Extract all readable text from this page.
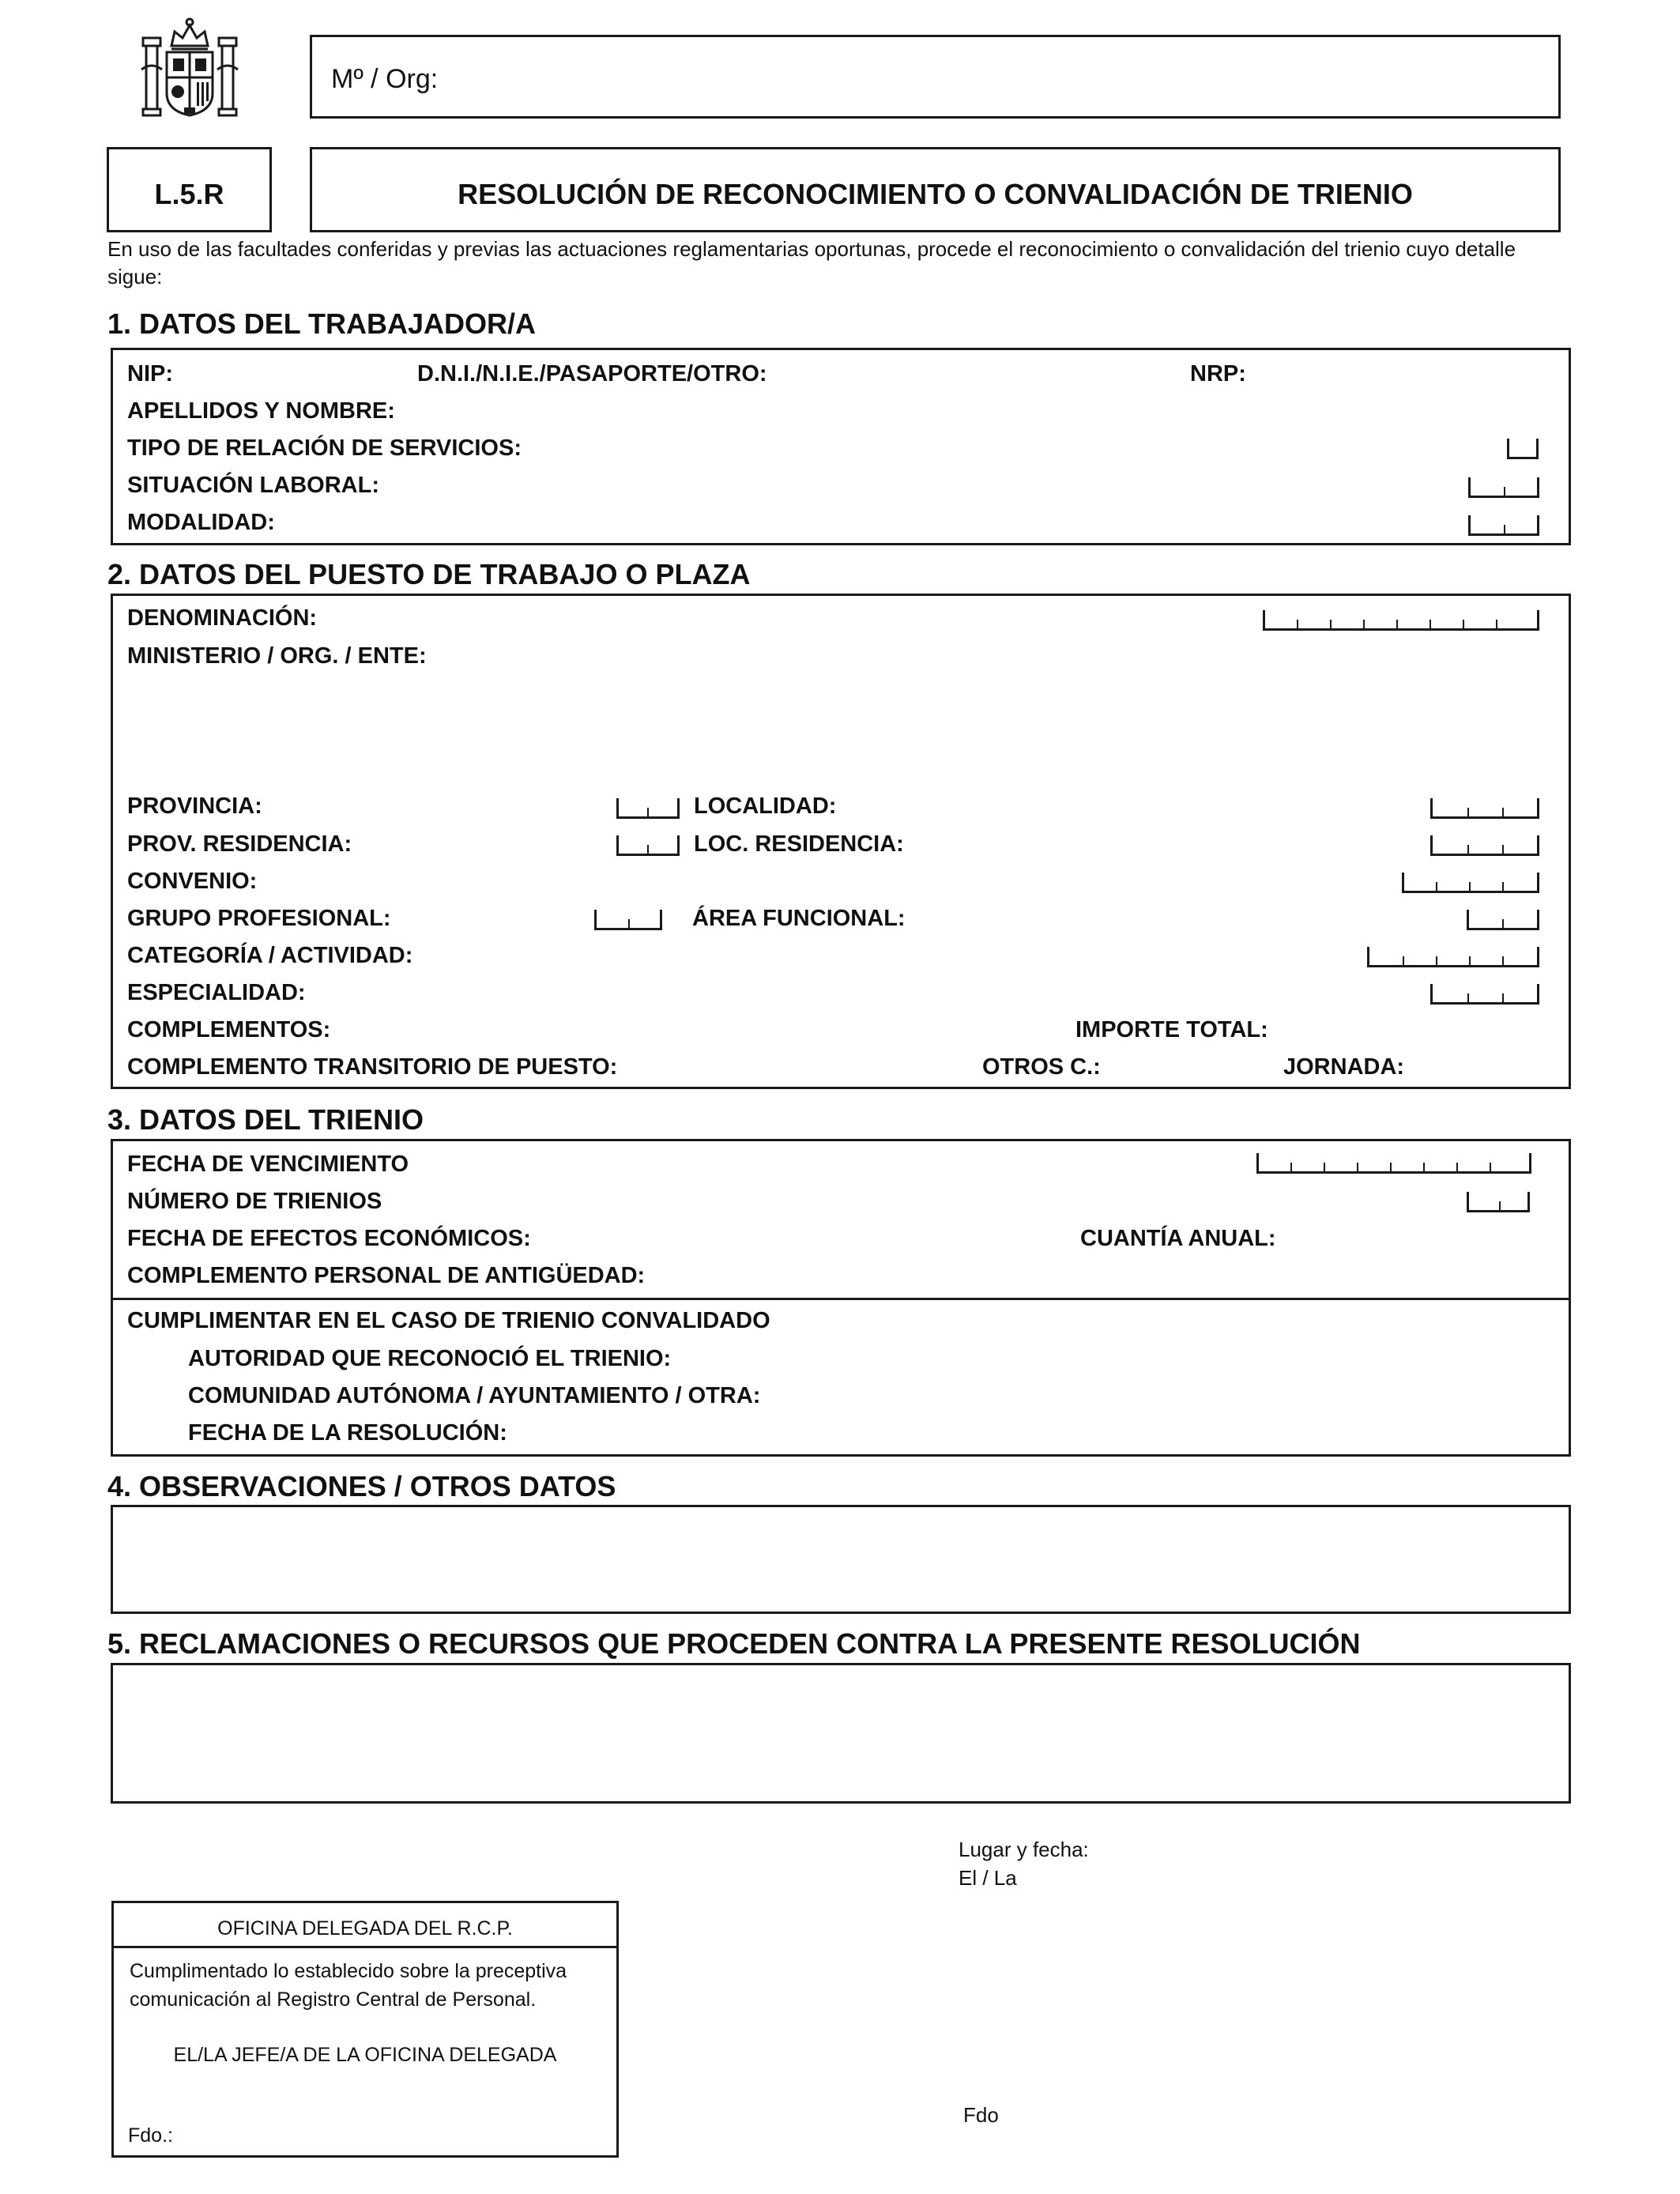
Mº / Org:
L.5.R	RESOLUCIÓN DE RECONOCIMIENTO O CONVALIDACIÓN DE TRIENIO
En uso de las facultades conferidas y previas las actuaciones reglamentarias oportunas, procede el reconocimiento o convalidación del trienio cuyo detalle
sigue:
1. DATOS DEL TRABAJADOR/A
NIP:	D.N.I./N.I.E./PASAPORTE/OTRO:	NRP:
APELLIDOS Y NOMBRE:
TIPO DE RELACIÓN DE SERVICIOS:
SITUACIÓN LABORAL:
MODALIDAD:
2. DATOS DEL PUESTO DE TRABAJO O PLAZA
DENOMINACIÓN:
MINISTERIO / ORG. / ENTE:
PROVINCIA:	LOCALIDAD:
PROV. RESIDENCIA:	LOC. RESIDENCIA:
CONVENIO:
GRUPO PROFESIONAL:	ÁREA FUNCIONAL:
CATEGORÍA / ACTIVIDAD:
ESPECIALIDAD:
COMPLEMENTOS:	IMPORTE TOTAL:
COMPLEMENTO TRANSITORIO DE PUESTO:	OTROS C.:	JORNADA:
3. DATOS DEL TRIENIO
FECHA DE VENCIMIENTO
NÚMERO DE TRIENIOS
FECHA DE EFECTOS ECONÓMICOS:	CUANTÍA ANUAL:
COMPLEMENTO PERSONAL DE ANTIGÜEDAD:
CUMPLIMENTAR EN EL CASO DE TRIENIO CONVALIDADO
AUTORIDAD QUE RECONOCIÓ EL TRIENIO:
COMUNIDAD AUTÓNOMA / AYUNTAMIENTO / OTRA:
FECHA DE LA RESOLUCIÓN:
4. OBSERVACIONES / OTROS DATOS
5. RECLAMACIONES O RECURSOS QUE PROCEDEN CONTRA LA PRESENTE RESOLUCIÓN
Lugar y fecha:
El / La
Fdo
OFICINA DELEGADA DEL R.C.P.
Cumplimentado lo establecido sobre la preceptiva
comunicación al Registro Central de Personal.
EL/LA JEFE/A DE LA OFICINA DELEGADA
Fdo.:
